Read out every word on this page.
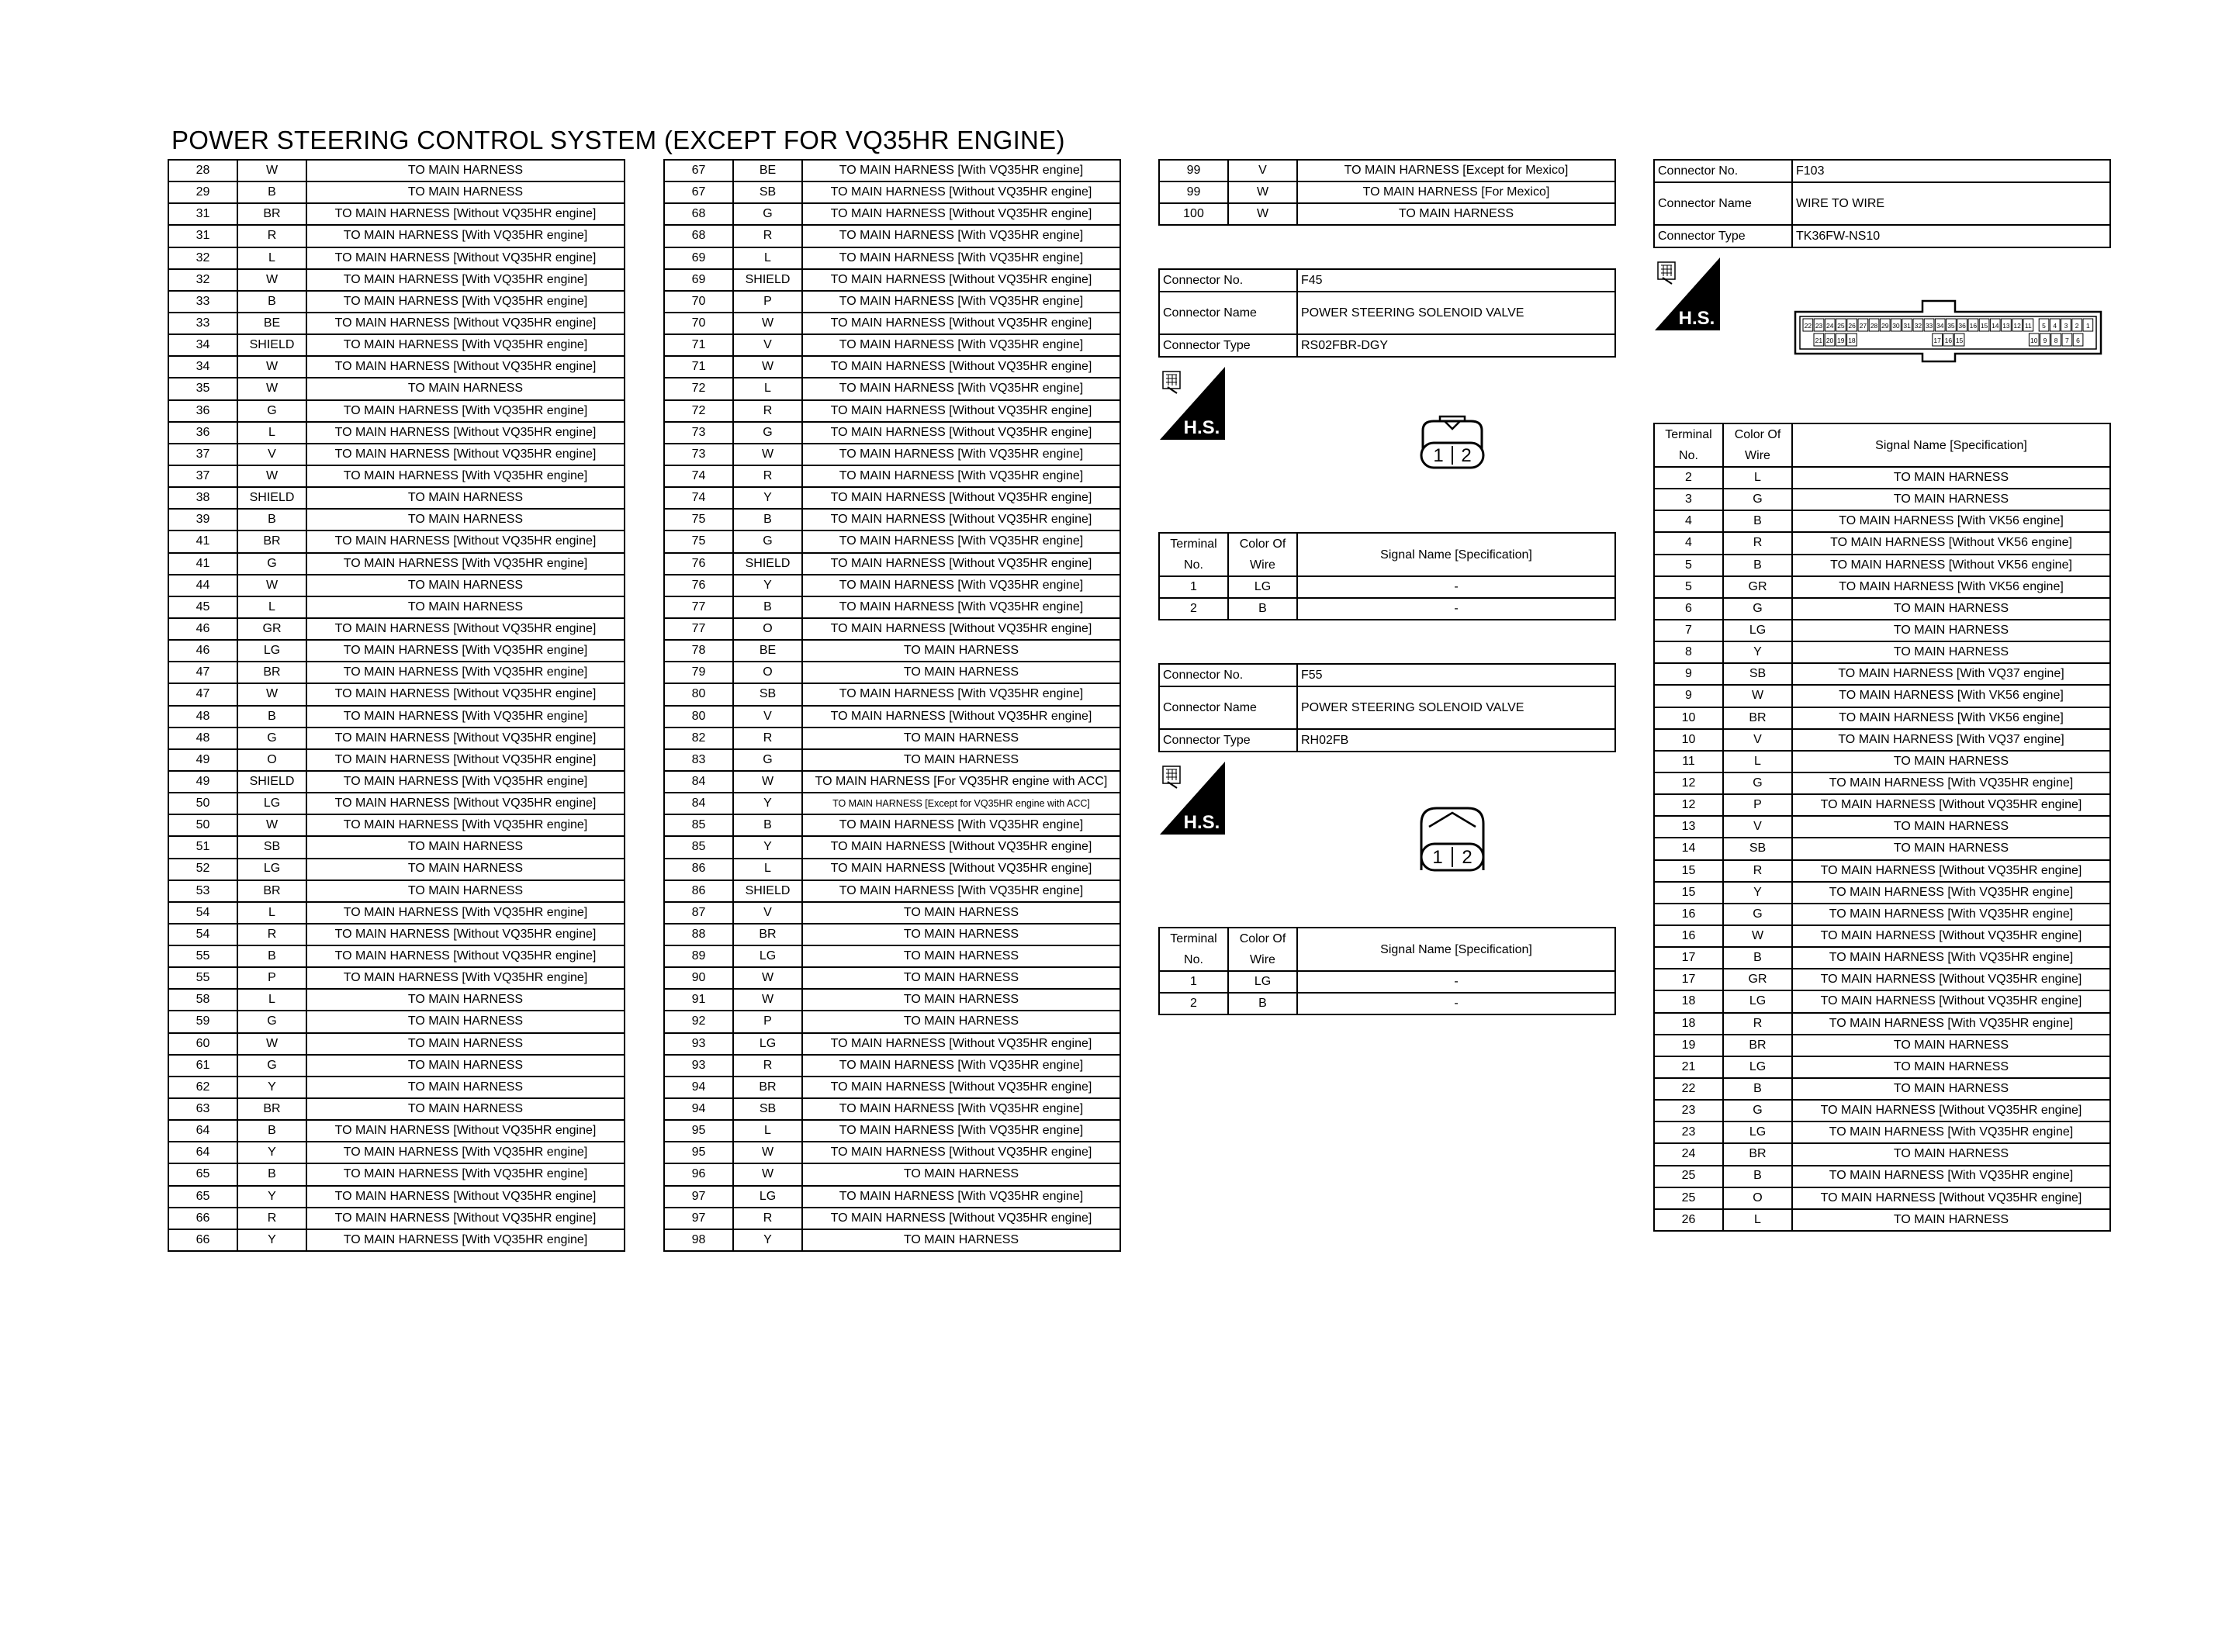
POWER STEERING CONTROL SYSTEM (EXCEPT FOR VQ35HR ENGINE)
28	W	TO MAIN HARNESS
29	B	TO MAIN HARNESS
31	BR	TO MAIN HARNESS [Without VQ35HR engine]
31	R	TO MAIN HARNESS [With VQ35HR engine]
32	L	TO MAIN HARNESS [Without VQ35HR engine]
32	W	TO MAIN HARNESS [With VQ35HR engine]
33	B	TO MAIN HARNESS [With VQ35HR engine]
33	BE	TO MAIN HARNESS [Without VQ35HR engine]
34	SHIELD	TO MAIN HARNESS [With VQ35HR engine]
34	W	TO MAIN HARNESS [Without VQ35HR engine]
35	W	TO MAIN HARNESS
36	G	TO MAIN HARNESS [With VQ35HR engine]
36	L	TO MAIN HARNESS [Without VQ35HR engine]
37	V	TO MAIN HARNESS [Without VQ35HR engine]
37	W	TO MAIN HARNESS [With VQ35HR engine]
38	SHIELD	TO MAIN HARNESS
39	B	TO MAIN HARNESS
41	BR	TO MAIN HARNESS [Without VQ35HR engine]
41	G	TO MAIN HARNESS [With VQ35HR engine]
44	W	TO MAIN HARNESS
45	L	TO MAIN HARNESS
46	GR	TO MAIN HARNESS [Without VQ35HR engine]
46	LG	TO MAIN HARNESS [With VQ35HR engine]
47	BR	TO MAIN HARNESS [With VQ35HR engine]
47	W	TO MAIN HARNESS [Without VQ35HR engine]
48	B	TO MAIN HARNESS [With VQ35HR engine]
48	G	TO MAIN HARNESS [Without VQ35HR engine]
49	O	TO MAIN HARNESS [Without VQ35HR engine]
49	SHIELD	TO MAIN HARNESS [With VQ35HR engine]
50	LG	TO MAIN HARNESS [Without VQ35HR engine]
50	W	TO MAIN HARNESS [With VQ35HR engine]
51	SB	TO MAIN HARNESS
52	LG	TO MAIN HARNESS
53	BR	TO MAIN HARNESS
54	L	TO MAIN HARNESS [With VQ35HR engine]
54	R	TO MAIN HARNESS [Without VQ35HR engine]
55	B	TO MAIN HARNESS [Without VQ35HR engine]
55	P	TO MAIN HARNESS [With VQ35HR engine]
58	L	TO MAIN HARNESS
59	G	TO MAIN HARNESS
60	W	TO MAIN HARNESS
61	G	TO MAIN HARNESS
62	Y	TO MAIN HARNESS
63	BR	TO MAIN HARNESS
64	B	TO MAIN HARNESS [Without VQ35HR engine]
64	Y	TO MAIN HARNESS [With VQ35HR engine]
65	B	TO MAIN HARNESS [With VQ35HR engine]
65	Y	TO MAIN HARNESS [Without VQ35HR engine]
66	R	TO MAIN HARNESS [Without VQ35HR engine]
66	Y	TO MAIN HARNESS [With VQ35HR engine]
67	BE	TO MAIN HARNESS [With VQ35HR engine]
67	SB	TO MAIN HARNESS [Without VQ35HR engine]
68	G	TO MAIN HARNESS [Without VQ35HR engine]
68	R	TO MAIN HARNESS [With VQ35HR engine]
69	L	TO MAIN HARNESS [With VQ35HR engine]
69	SHIELD	TO MAIN HARNESS [Without VQ35HR engine]
70	P	TO MAIN HARNESS [With VQ35HR engine]
70	W	TO MAIN HARNESS [Without VQ35HR engine]
71	V	TO MAIN HARNESS [With VQ35HR engine]
71	W	TO MAIN HARNESS [Without VQ35HR engine]
72	L	TO MAIN HARNESS [With VQ35HR engine]
72	R	TO MAIN HARNESS [Without VQ35HR engine]
73	G	TO MAIN HARNESS [Without VQ35HR engine]
73	W	TO MAIN HARNESS [With VQ35HR engine]
74	R	TO MAIN HARNESS [With VQ35HR engine]
74	Y	TO MAIN HARNESS [Without VQ35HR engine]
75	B	TO MAIN HARNESS [Without VQ35HR engine]
75	G	TO MAIN HARNESS [With VQ35HR engine]
76	SHIELD	TO MAIN HARNESS [Without VQ35HR engine]
76	Y	TO MAIN HARNESS [With VQ35HR engine]
77	B	TO MAIN HARNESS [With VQ35HR engine]
77	O	TO MAIN HARNESS [Without VQ35HR engine]
78	BE	TO MAIN HARNESS
79	O	TO MAIN HARNESS
80	SB	TO MAIN HARNESS [With VQ35HR engine]
80	V	TO MAIN HARNESS [Without VQ35HR engine]
82	R	TO MAIN HARNESS
83	G	TO MAIN HARNESS
84	W	TO MAIN HARNESS [For VQ35HR engine with ACC]
84	Y	TO MAIN HARNESS [Except for VQ35HR engine with ACC]
85	B	TO MAIN HARNESS [With VQ35HR engine]
85	Y	TO MAIN HARNESS [Without VQ35HR engine]
86	L	TO MAIN HARNESS [Without VQ35HR engine]
86	SHIELD	TO MAIN HARNESS [With VQ35HR engine]
87	V	TO MAIN HARNESS
88	BR	TO MAIN HARNESS
89	LG	TO MAIN HARNESS
90	W	TO MAIN HARNESS
91	W	TO MAIN HARNESS
92	P	TO MAIN HARNESS
93	LG	TO MAIN HARNESS [Without VQ35HR engine]
93	R	TO MAIN HARNESS [With VQ35HR engine]
94	BR	TO MAIN HARNESS [Without VQ35HR engine]
94	SB	TO MAIN HARNESS [With VQ35HR engine]
95	L	TO MAIN HARNESS [With VQ35HR engine]
95	W	TO MAIN HARNESS [Without VQ35HR engine]
96	W	TO MAIN HARNESS
97	LG	TO MAIN HARNESS [With VQ35HR engine]
97	R	TO MAIN HARNESS [Without VQ35HR engine]
98	Y	TO MAIN HARNESS
99	V	TO MAIN HARNESS [Except for Mexico]
99	W	TO MAIN HARNESS [For Mexico]
100	W	TO MAIN HARNESS
Connector No.	F45
Connector Name	POWER STEERING SOLENOID VALVE
Connector Type	RS02FBR-DGY
H.S.
1 2
Terminal No.	Color Of Wire	Signal Name [Specification]
1	LG	-
2	B	-
Connector No.	F55
Connector Name	POWER STEERING SOLENOID VALVE
Connector Type	RH02FB
H.S.
1 2
Terminal No.	Color Of Wire	Signal Name [Specification]
1	LG	-
2	B	-
Connector No.	F103
Connector Name	WIRE TO WIRE
Connector Type	TK36FW-NS10
H.S.	22 23 24 25 26 27 28 29 30 31 32 33 34 35 36 16 15 14 13 12 11 5 4 3 2 1
21 20 19 18	17 16 15	10 9 8 7 6
Terminal No.	Color Of Wire	Signal Name [Specification]
2	L	TO MAIN HARNESS
3	G	TO MAIN HARNESS
4	B	TO MAIN HARNESS [With VK56 engine]
4	R	TO MAIN HARNESS [Without VK56 engine]
5	B	TO MAIN HARNESS [Without VK56 engine]
5	GR	TO MAIN HARNESS [With VK56 engine]
6	G	TO MAIN HARNESS
7	LG	TO MAIN HARNESS
8	Y	TO MAIN HARNESS
9	SB	TO MAIN HARNESS [With VQ37 engine]
9	W	TO MAIN HARNESS [With VK56 engine]
10	BR	TO MAIN HARNESS [With VK56 engine]
10	V	TO MAIN HARNESS [With VQ37 engine]
11	L	TO MAIN HARNESS
12	G	TO MAIN HARNESS [With VQ35HR engine]
12	P	TO MAIN HARNESS [Without VQ35HR engine]
13	V	TO MAIN HARNESS
14	SB	TO MAIN HARNESS
15	R	TO MAIN HARNESS [Without VQ35HR engine]
15	Y	TO MAIN HARNESS [With VQ35HR engine]
16	G	TO MAIN HARNESS [With VQ35HR engine]
16	W	TO MAIN HARNESS [Without VQ35HR engine]
17	B	TO MAIN HARNESS [With VQ35HR engine]
17	GR	TO MAIN HARNESS [Without VQ35HR engine]
18	LG	TO MAIN HARNESS [Without VQ35HR engine]
18	R	TO MAIN HARNESS [With VQ35HR engine]
19	BR	TO MAIN HARNESS
21	LG	TO MAIN HARNESS
22	B	TO MAIN HARNESS
23	G	TO MAIN HARNESS [Without VQ35HR engine]
23	LG	TO MAIN HARNESS [With VQ35HR engine]
24	BR	TO MAIN HARNESS
25	B	TO MAIN HARNESS [With VQ35HR engine]
25	O	TO MAIN HARNESS [Without VQ35HR engine]
26	L	TO MAIN HARNESS
